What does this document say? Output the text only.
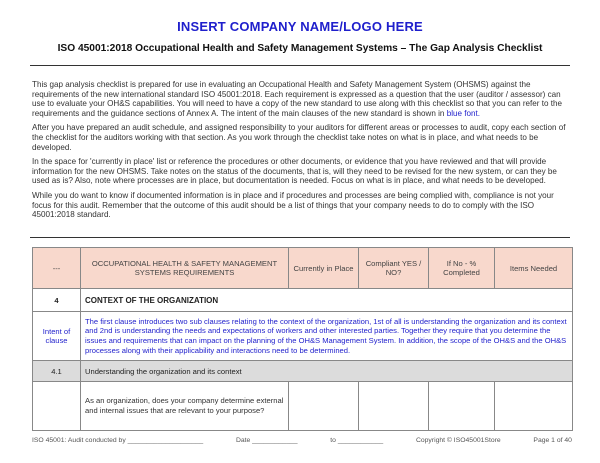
INSERT COMPANY NAME/LOGO HERE
ISO 45001:2018 Occupational Health and Safety Management Systems – The Gap Analysis Checklist

This gap analysis checklist is prepared for use in evaluating an Occupational Health and Safety Management System (OHSMS) against the requirements of the new international standard ISO 45001:2018. Each requirement is expressed as a question that the user (auditor / assessor) can use to evaluate your OH&S capabilities. You will need to have a copy of the new standard to use along with this checklist so that you can refer to the requirements and the guidance sections of Annex A. The intent of the main clauses of the new standard is shown in blue font.

After you have prepared an audit schedule, and assigned responsibility to your auditors for different areas or processes to audit, copy each section of the checklist for the auditors working with that section. As you work through the checklist take notes on what is in place, and what needs to be developed.

In the space for 'currently in place' list or reference the procedures or other documents, or evidence that you have reviewed and that will provide information for the new OHSMS. Take notes on the status of the documents, that is, will they need to be revised for the new system, or can they be used as is? Also, note where processes are in place, but documentation is needed. Focus on what is in place, and what needs to be developed.

While you do want to know if documented information is in place and if procedures and processes are being complied with, compliance is not your focus for this audit. Remember that the outcome of this audit should be a list of things that your company needs to do to comply with the ISO 45001:2018 standard.

---	OCCUPATIONAL HEALTH & SAFETY MANAGEMENT SYSTEMS REQUIREMENTS	Currently in Place	Compliant YES / NO?	If No - % Completed	Items Needed
4	CONTEXT OF THE ORGANIZATION				
Intent of clause	The first clause introduces two sub clauses relating to the context of the organization, 1st of all is understanding the organization and its context and 2nd is understanding the needs and expectations of workers and other interested parties. Together they require that you determine the issues and requirements that can impact on the planning of the OH&S Management System. In addition, the scope of the OH&S and the OH&S processes along with their applicability and interactions need to be determined.				
4.1	Understanding the organization and its context				
	As an organization, does your company determine external and internal issues that are relevant to your purpose?				
ISO 45001: Audit conducted by ____________________	Date ____________	to ____________	Copyright © ISO45001Store	Page 1 of 40
